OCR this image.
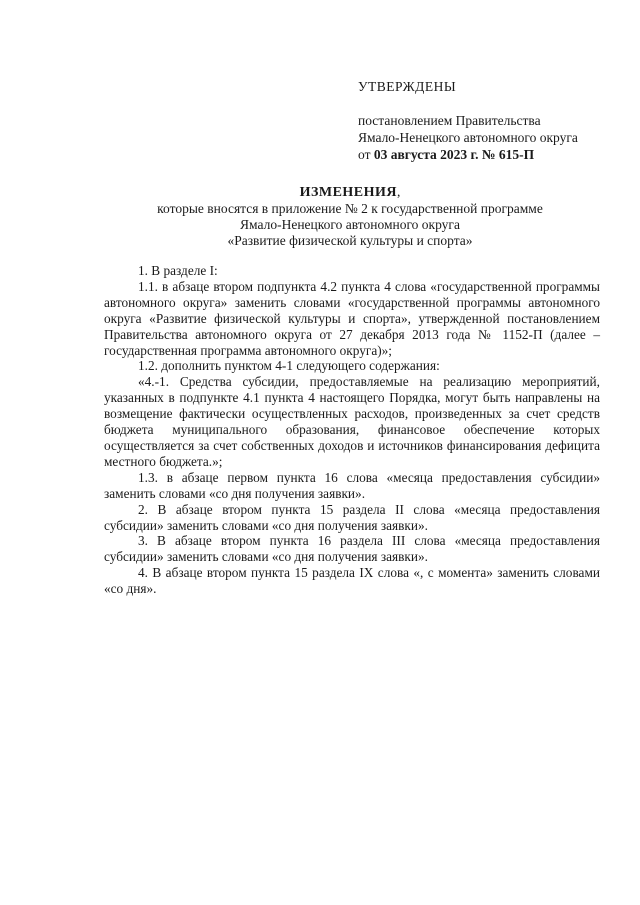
УТВЕРЖДЕНЫ
постановлением Правительства
Ямало-Ненецкого автономного округа
от 03 августа 2023 г. № 615-П
ИЗМЕНЕНИЯ,
которые вносятся в приложение № 2 к государственной программе
Ямало-Ненецкого автономного округа
«Развитие физической культуры и спорта»

1. В разделе I:

1.1. в абзаце втором подпункта 4.2 пункта 4 слова «государственной программы автономного округа» заменить словами «государственной программы автономного округа «Развитие физической культуры и спорта», утвержденной постановлением Правительства автономного округа от 27 декабря 2013 года № 1152-П (далее – государственная программа автономного округа)»;

1.2. дополнить пунктом 4-1 следующего содержания:

«4.-1. Средства субсидии, предоставляемые на реализацию мероприятий, указанных в подпункте 4.1 пункта 4 настоящего Порядка, могут быть направлены на возмещение фактически осуществленных расходов, произведенных за счет средств бюджета муниципального образования, финансовое обеспечение которых осуществляется за счет собственных доходов и источников финансирования дефицита местного бюджета.»;

1.3. в абзаце первом пункта 16 слова «месяца предоставления субсидии» заменить словами «со дня получения заявки».

2. В абзаце втором пункта 15 раздела II слова «месяца предоставления субсидии» заменить словами «со дня получения заявки».

3. В абзаце втором пункта 16 раздела III слова «месяца предоставления субсидии» заменить словами «со дня получения заявки».

4. В абзаце втором пункта 15 раздела IX слова «, с момента» заменить словами «со дня».
